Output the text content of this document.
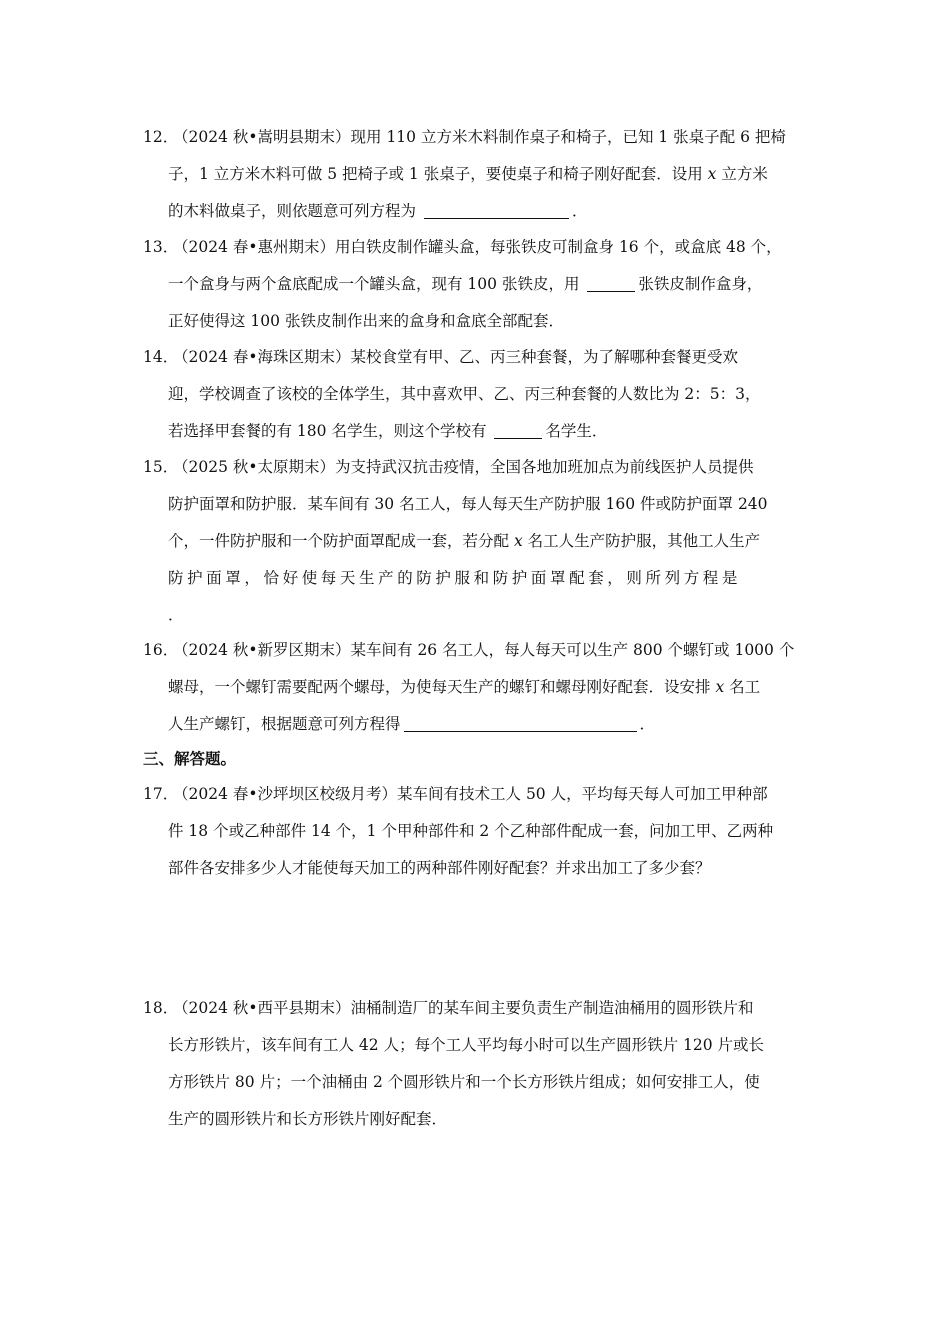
12．
（2024 秋•嵩明县期末）现用 110 立方米木料制作桌子和椅子，已知 1 张桌子配 6 把椅
子，1 立方米木料可做 5 把椅子或 1 张桌子，要使桌子和椅子刚好配套．设用 x 立方米
的木料做桌子，则依题意可列方程为	．
13．
（2024 春•惠州期末）用白铁皮制作罐头盒，每张铁皮可制盒身 16 个，或盒底 48 个，
一个盒身与两个盒底配成一个罐头盒，现有 100 张铁皮，用	张铁皮制作盒身，
正好使得这 100 张铁皮制作出来的盒身和盒底全部配套．
14．
（2024 春•海珠区期末）某校食堂有甲、乙、丙三种套餐，为了解哪种套餐更受欢
迎，学校调查了该校的全体学生，其中喜欢甲、乙、丙三种套餐的人数比为 2：5：3，
若选择甲套餐的有 180 名学生，则这个学校有	名学生．
15．
（2025 秋•太原期末）为支持武汉抗击疫情，全国各地加班加点为前线医护人员提供
防护面罩和防护服．某车间有 30 名工人，每人每天生产防护服 160 件或防护面罩 240
个，一件防护服和一个防护面罩配成一套，若分配 x 名工人生产防护服，其他工人生产
防护面罩，恰好使每天生产的防护服和防护面罩配套，则所列方程是
．
16．
（2024 秋•新罗区期末）某车间有 26 名工人，每人每天可以生产 800 个螺钉或 1000 个
螺母，一个螺钉需要配两个螺母，为使每天生产的螺钉和螺母刚好配套．设安排 x 名工
人生产螺钉，根据题意可列方程得	．
三、解答题。
17．
（2024 春•沙坪坝区校级月考）某车间有技术工人 50 人，平均每天每人可加工甲种部
件 18 个或乙种部件 14 个，1 个甲种部件和 2 个乙种部件配成一套，问加工甲、乙两种
部件各安排多少人才能使每天加工的两种部件刚好配套？并求出加工了多少套？
18．
（2024 秋•西平县期末）油桶制造厂的某车间主要负责生产制造油桶用的圆形铁片和
长方形铁片，该车间有工人 42 人；每个工人平均每小时可以生产圆形铁片 120 片或长
方形铁片 80 片；一个油桶由 2 个圆形铁片和一个长方形铁片组成；如何安排工人，使
生产的圆形铁片和长方形铁片刚好配套．
